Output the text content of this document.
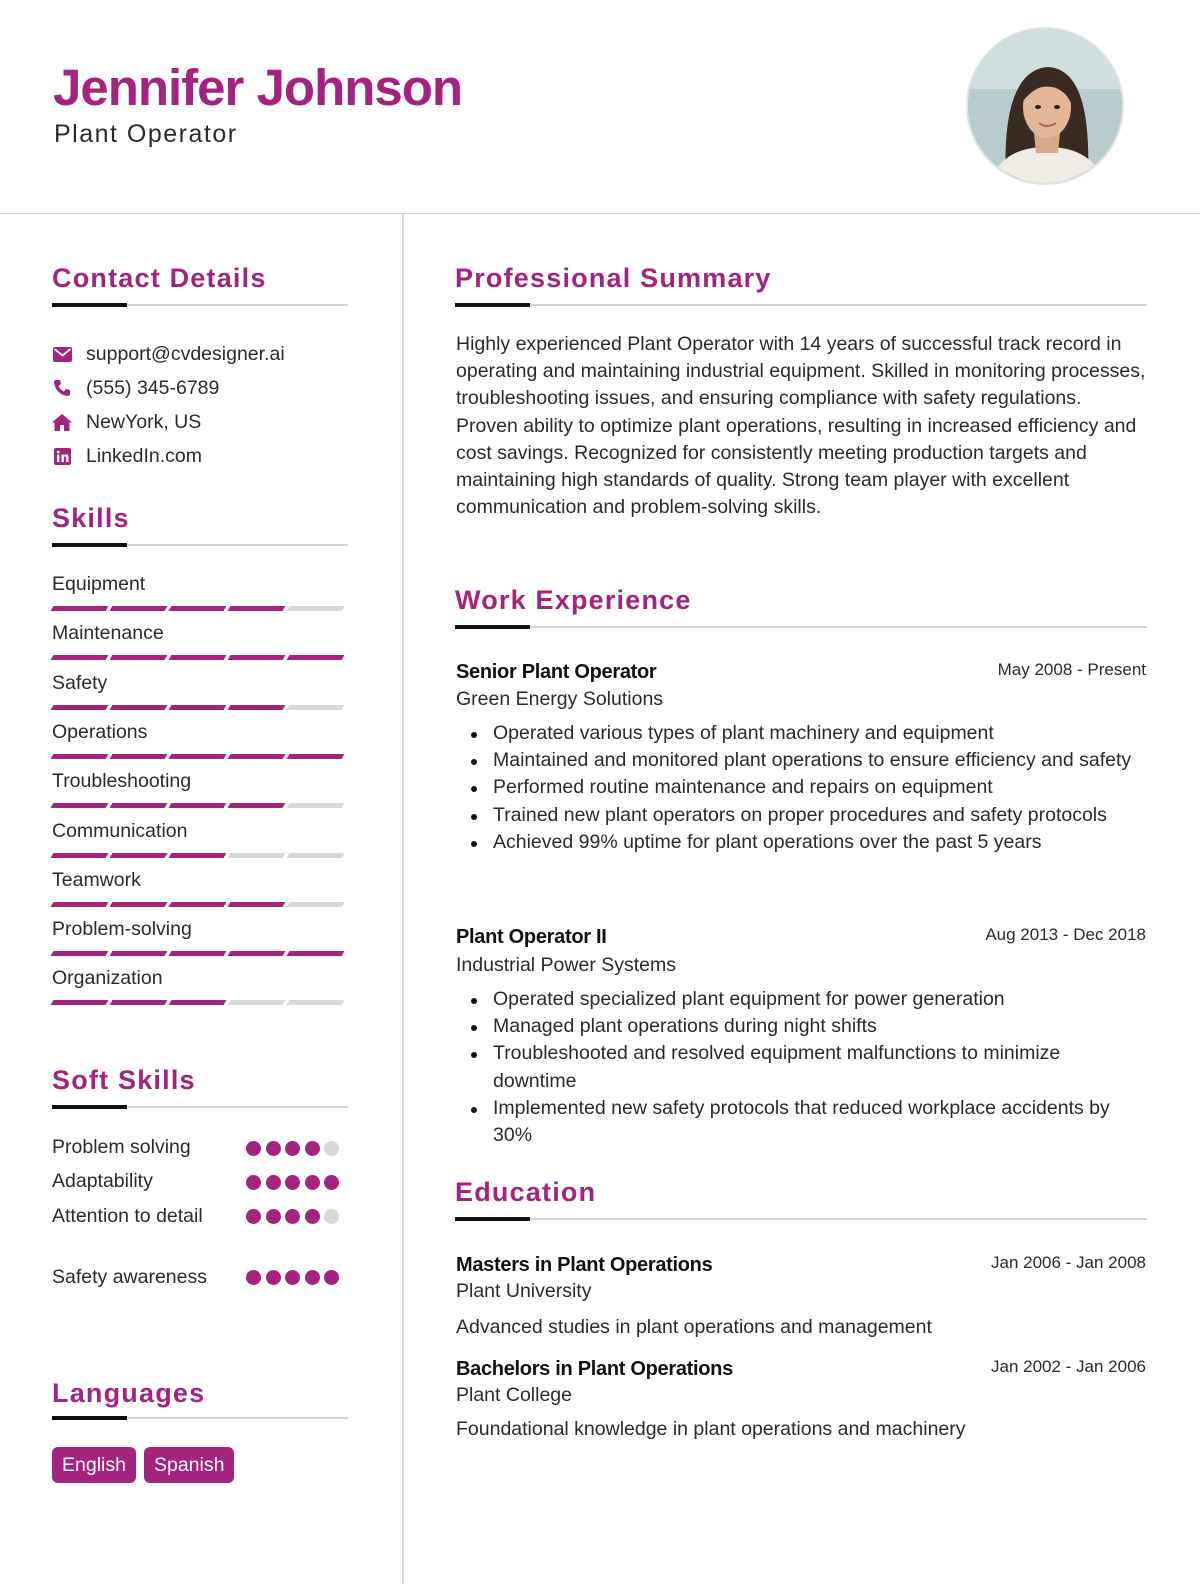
Jennifer Johnson
Plant Operator
Contact Details
support@cvdesigner.ai
(555) 345-6789
NewYork, US
LinkedIn.com
Skills
Equipment
Maintenance
Safety
Operations
Troubleshooting
Communication
Teamwork
Problem-solving
Organization
Soft Skills
Problem solving
Adaptability
Attention to detail
Safety awareness
Languages
English	Spanish
Professional Summary

Highly experienced Plant Operator with 14 years of successful track record in operating and maintaining industrial equipment. Skilled in monitoring processes, troubleshooting issues, and ensuring compliance with safety regulations. Proven ability to optimize plant operations, resulting in increased efficiency and cost savings. Recognized for consistently meeting production targets and maintaining high standards of quality. Strong team player with excellent communication and problem-solving skills.

Work Experience
Senior Plant Operator	May 2008 - Present
Green Energy Solutions
Operated various types of plant machinery and equipment
Maintained and monitored plant operations to ensure efficiency and safety
Performed routine maintenance and repairs on equipment
Trained new plant operators on proper procedures and safety protocols
Achieved 99% uptime for plant operations over the past 5 years
Plant Operator II	Aug 2013 - Dec 2018
Industrial Power Systems
Operated specialized plant equipment for power generation
Managed plant operations during night shifts
Troubleshooted and resolved equipment malfunctions to minimize downtime
Implemented new safety protocols that reduced workplace accidents by 30%
Education
Masters in Plant Operations	Jan 2006 - Jan 2008
Plant University
Advanced studies in plant operations and management
Bachelors in Plant Operations	Jan 2002 - Jan 2006
Plant College
Foundational knowledge in plant operations and machinery
